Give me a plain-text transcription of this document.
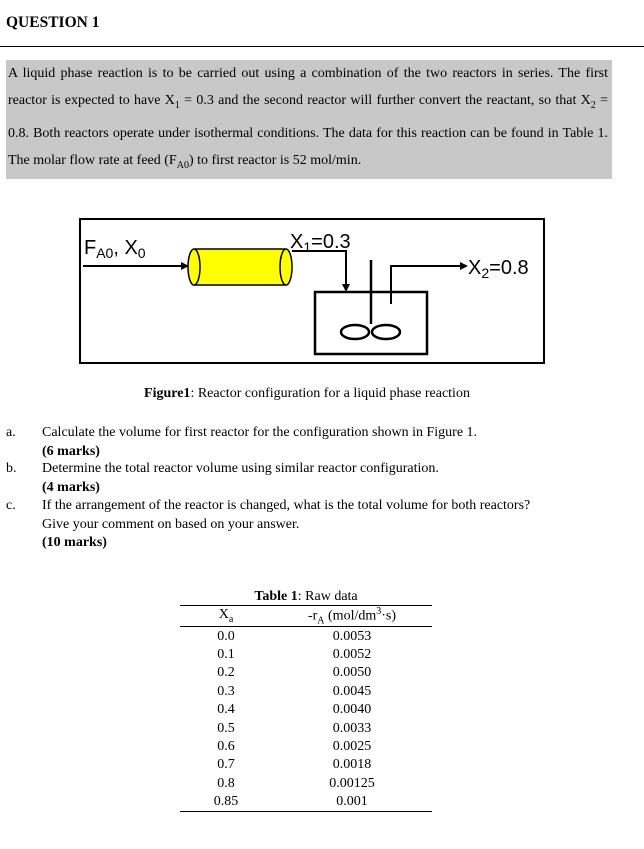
QUESTION 1
A liquid phase reaction is to be carried out using a combination of the two reactors in series. The first reactor is expected to have $X_1 = 0.3$ and the second reactor will further convert the reactant, so that $X_2 = 0.8$. Both reactors operate under isothermal conditions. The data for this reaction can be found in Table 1. The molar flow rate at feed $(F_{A0})$ to first reactor is 52 mol/min.
$F_{A0}$, $X_0$	$X_1=0.3$
$X_2=0.8$
Figure1: Reactor configuration for a liquid phase reaction
a. Calculate the volume for first reactor for the configuration shown in Figure 1.
(6 marks)
b. Determine the total reactor volume using similar reactor configuration.
(4 marks)
c. If the arrangement of the reactor is changed, what is the total volume for both reactors?
Give your comment on based on your answer.
(10 marks)
Table 1: Raw data
$X_a$	$-r_A$ $(mol/dm^3\cdot s)$
0.0	0.0053
0.1	0.0052
0.2	0.0050
0.3	0.0045
0.4	0.0040
0.5	0.0033
0.6	0.0025
0.7	0.0018
0.8	0.00125
0.85	0.001
